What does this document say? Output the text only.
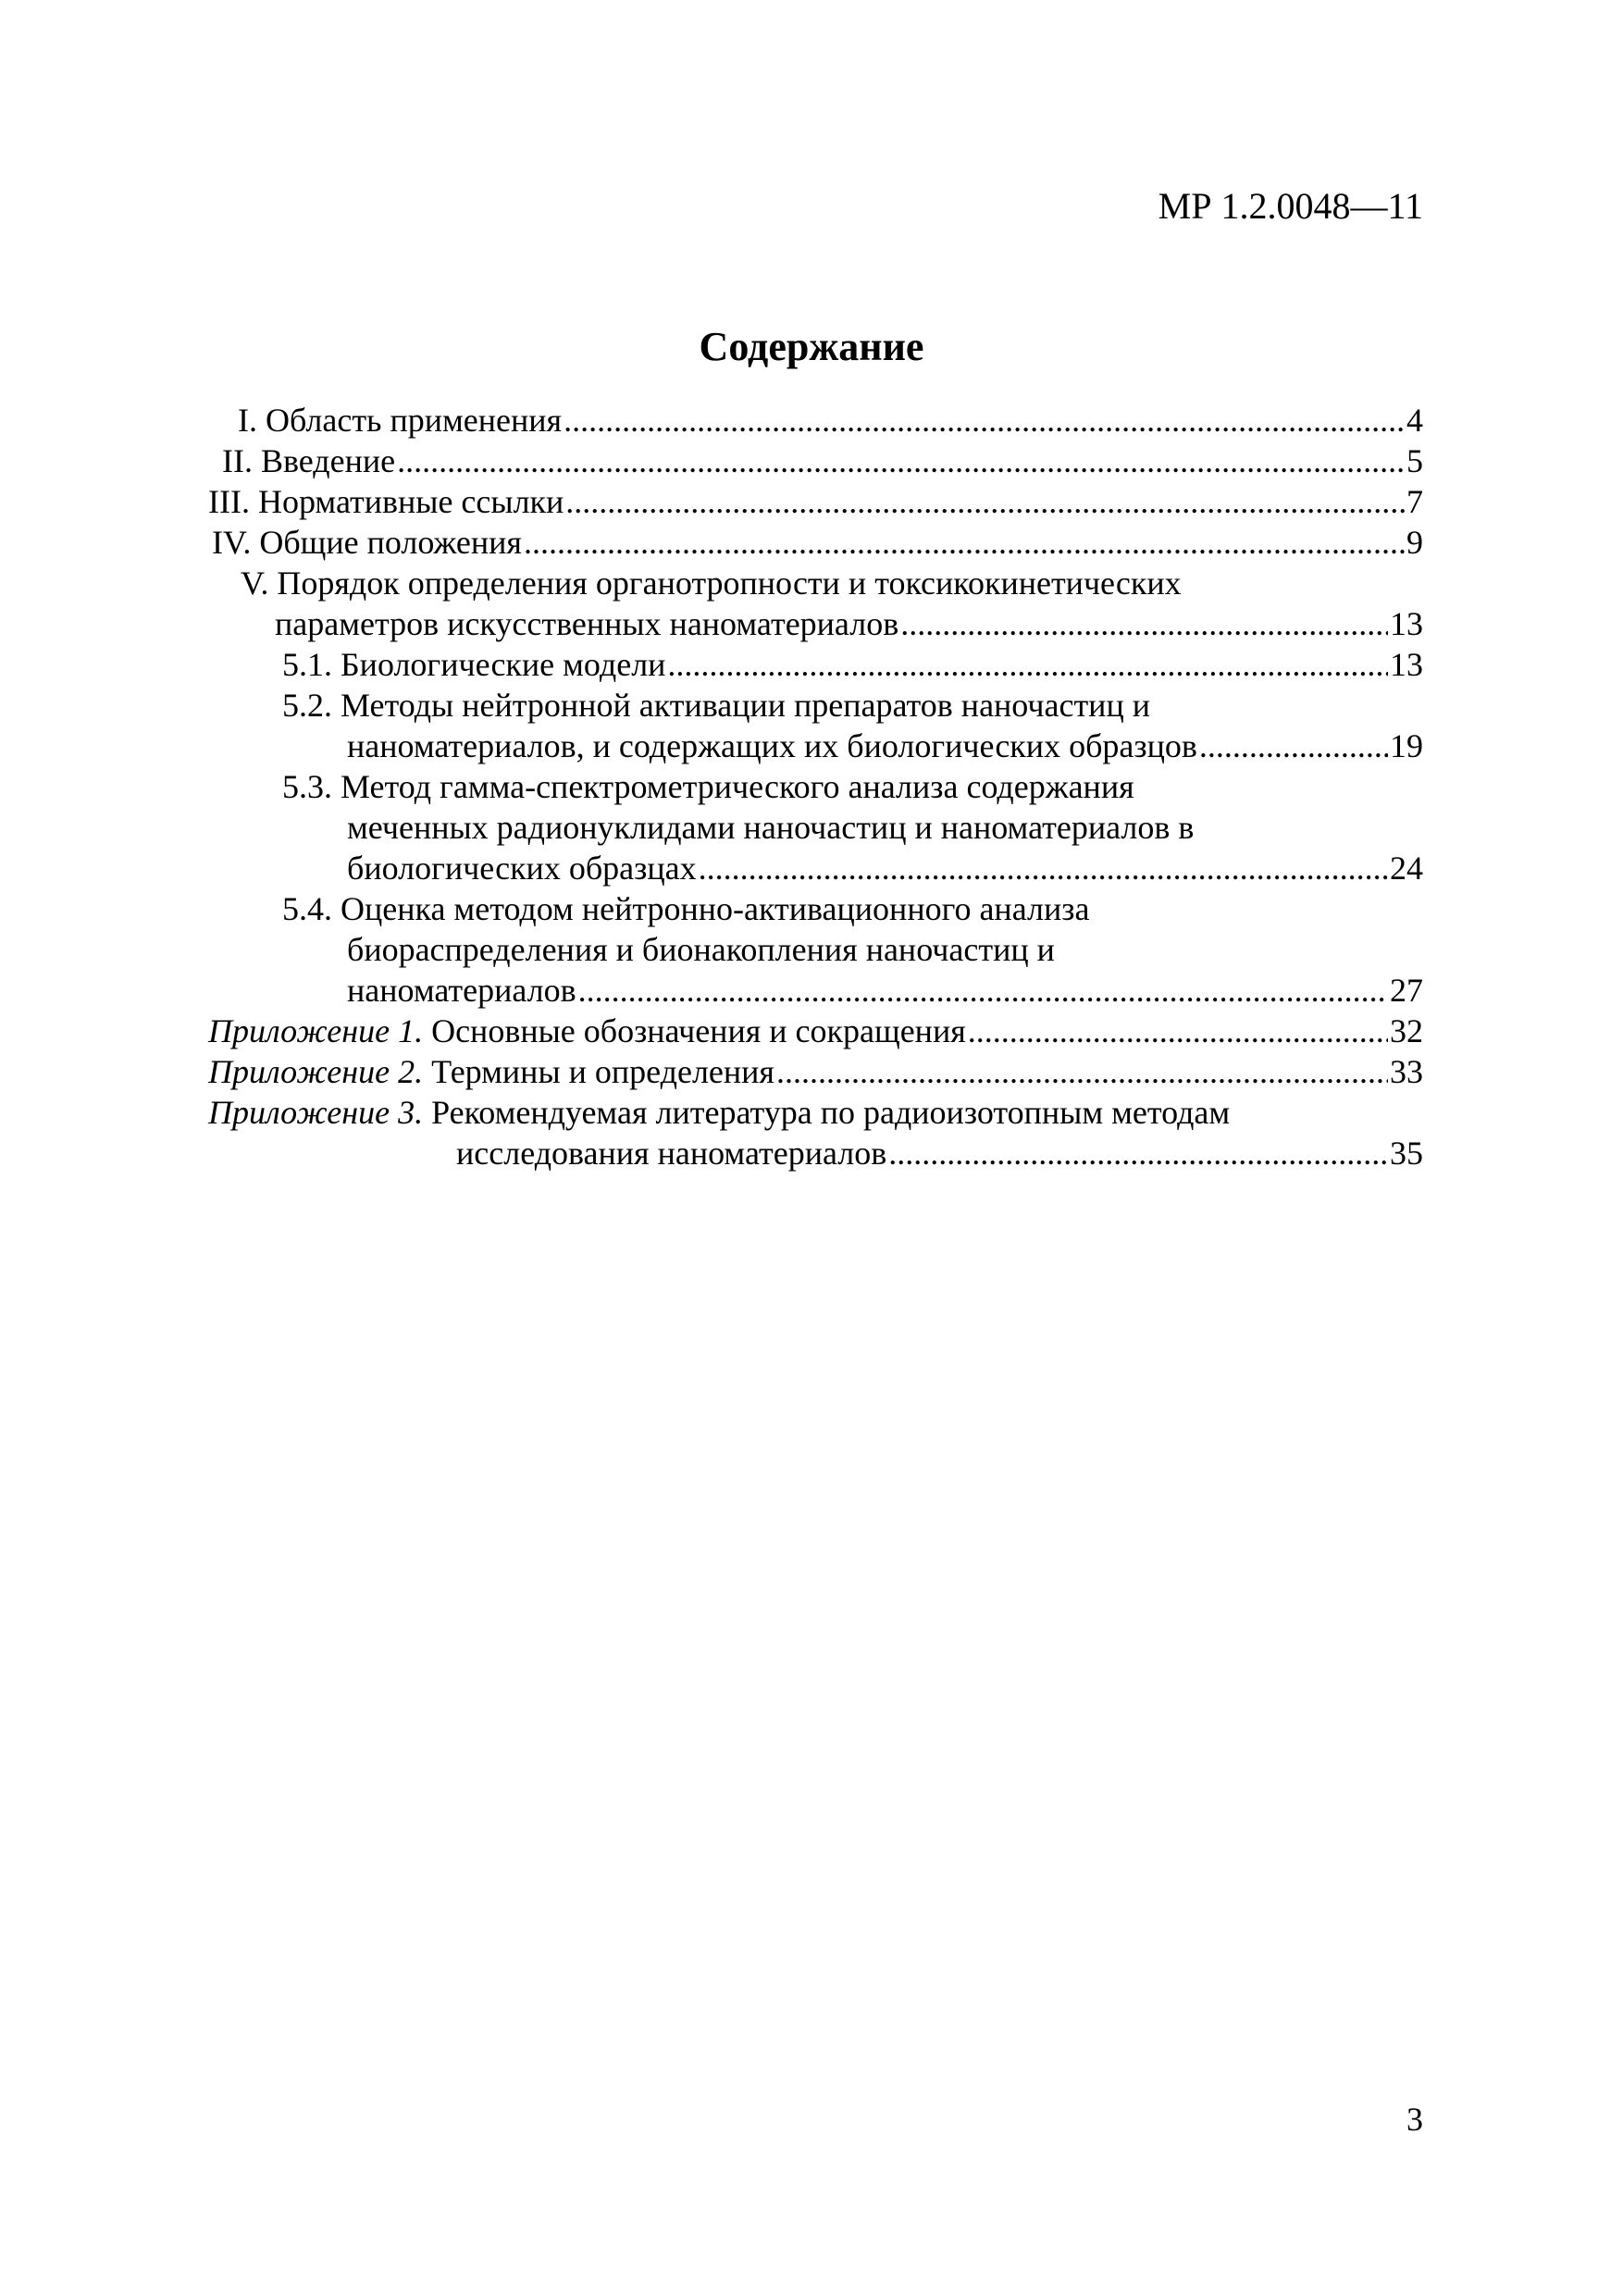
МР 1.2.0048—11
Содержание
I. Область применения .....	4
II. Введение .....	5
III. Нормативные ссылки .....	7
IV. Общие положения .....	9
V. Порядок определения органотропности и токсикокинетических
параметров искусственных наноматериалов .....	13
5.1. Биологические модели .....	13
5.2. Методы нейтронной активации препаратов наночастиц и
наноматериалов, и содержащих их биологических образцов .....	19
5.3. Метод гамма-спектрометрического анализа содержания
меченных радионуклидами наночастиц и наноматериалов в
биологических образцах .....	24
5.4. Оценка методом нейтронно-активационного анализа
биораспределения и бионакопления наночастиц и
наноматериалов .....	27
Приложение 1.
Основные обозначения и сокращения .....	32
Приложение 2.
Термины и определения .....	33
Приложение 3.
Рекомендуемая литература по радиоизотопным методам
исследования наноматериалов .....	35
3
